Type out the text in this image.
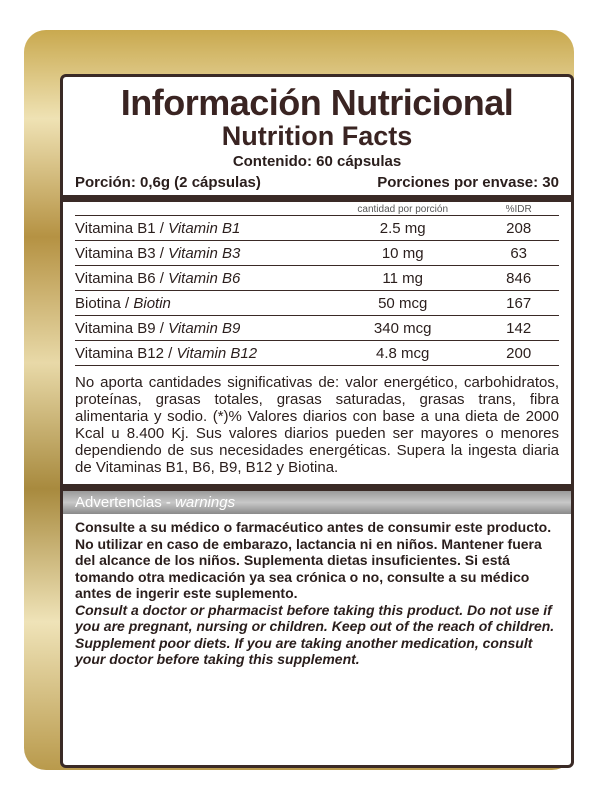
Información Nutricional
Nutrition Facts
Contenido: 60 cápsulas
Porción: 0,6g (2 cápsulas)	Porciones por envase: 30
	cantidad por porción	%IDR
Vitamina B1 / Vitamin B1	2.5 mg	208
Vitamina B3 / Vitamin B3	10 mg	63
Vitamina B6 / Vitamin B6	11 mg	846
Biotina / Biotin	50 mcg	167
Vitamina B9 / Vitamin B9	340 mcg	142
Vitamina B12 / Vitamin B12	4.8 mcg	200
No aporta cantidades significativas de: valor energético, carbohidratos, proteínas, grasas totales, grasas saturadas, grasas trans, fibra alimentaria y sodio. (*)% Valores diarios con base a una dieta de 2000 Kcal u 8.400 Kj. Sus valores diarios pueden ser mayores o menores dependiendo de sus necesidades energéticas. Supera la ingesta diaria de Vitaminas B1, B6, B9, B12 y Biotina.
Advertencias - warnings
Consulte a su médico o farmacéutico antes de consumir este producto. No utilizar en caso de embarazo, lactancia ni en niños. Mantener fuera del alcance de los niños. Suplementa dietas insuficientes. Si está tomando otra medicación ya sea crónica o no, consulte a su médico antes de ingerir este suplemento.
Consult a doctor or pharmacist before taking this product. Do not use if you are pregnant, nursing or children. Keep out of the reach of children. Supplement poor diets. If you are taking another medication, consult your doctor before taking this supplement.
